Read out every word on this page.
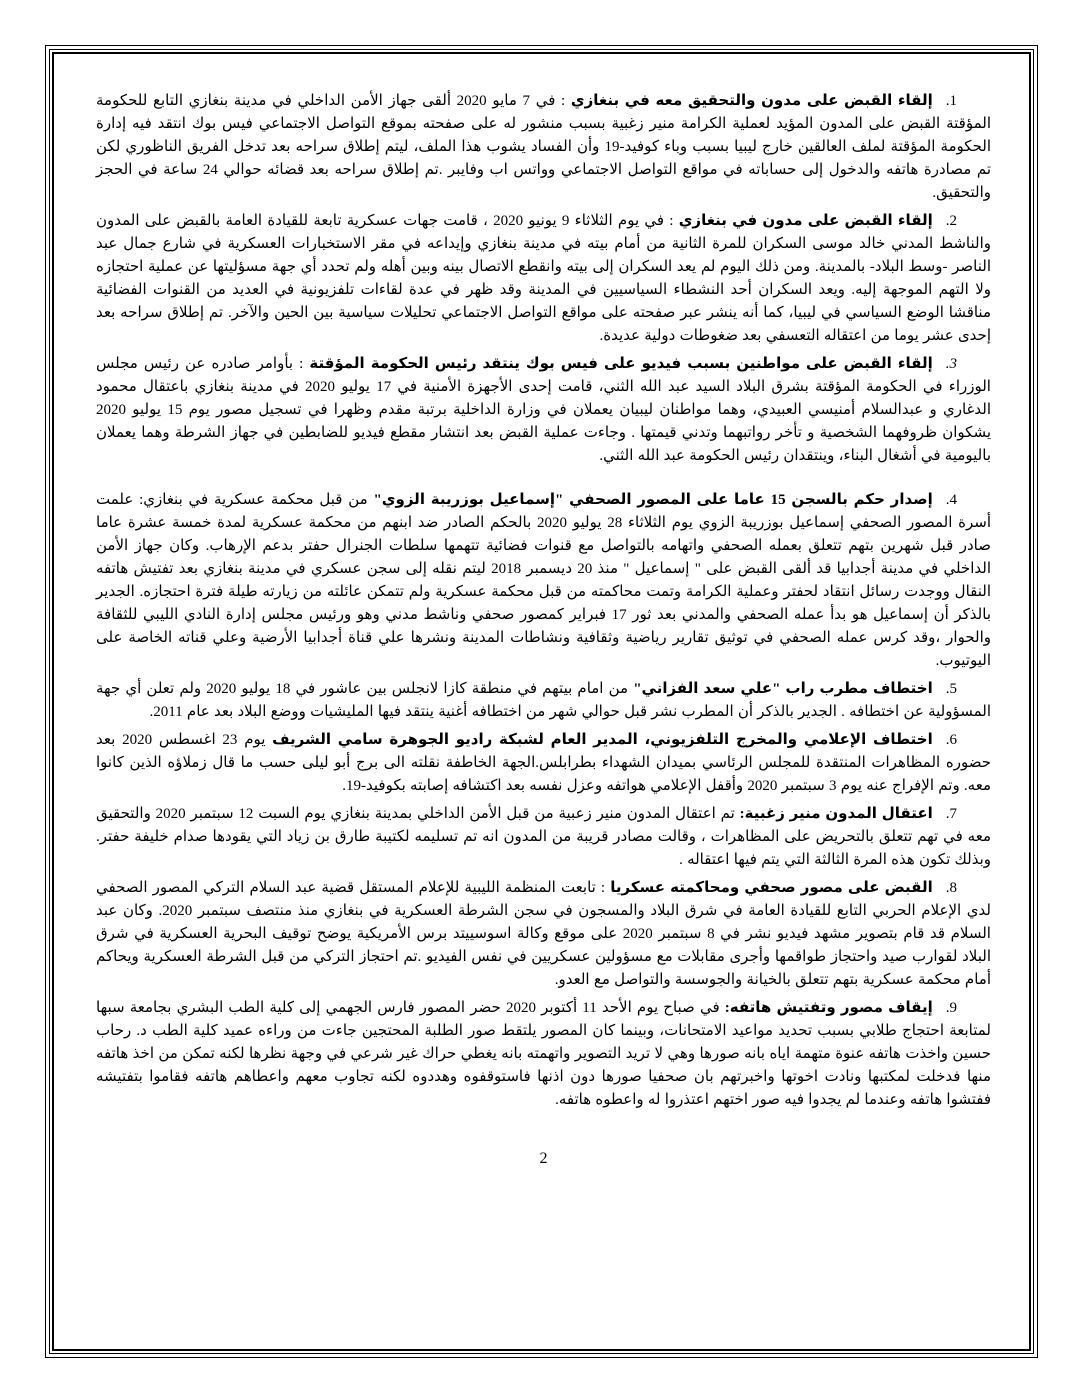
1.إلقاء القبض على مدون والتحقيق معه في بنغازي : في 7 مايو 2020 ألقى جهاز الأمن الداخلي في مدينة بنغازي التابع للحكومة المؤقتة القبض على المدون المؤيد لعملية الكرامة منير زغبية بسبب منشور له على صفحته بموقع التواصل الاجتماعي فيس بوك انتقد فيه إدارة الحكومة المؤقتة لملف العالقين خارج ليبيا بسبب وباء كوفيد-19 وأن الفساد يشوب هذا الملف، ليتم إطلاق سراحه بعد تدخل الفريق الناظوري لكن تم مصادرة هاتفه والدخول إلى حساباته في مواقع التواصل الاجتماعي وواتس اب وفايبر .تم إطلاق سراحه بعد قضائه حوالي 24 ساعة في الحجز والتحقيق.

2.إلقاء القبض على مدون في بنغازي : في يوم الثلاثاء 9 يونيو 2020 ، قامت جهات عسكرية تابعة للقيادة العامة بالقبض على المدون والناشط المدني خالد موسى السكران للمرة الثانية من أمام بيته في مدينة بنغازي وإيداعه في مقر الاستخبارات العسكرية في شارع جمال عبد الناصر -وسط البلاد- بالمدينة. ومن ذلك اليوم لم يعد السكران إلى بيته وانقطع الاتصال بينه وبين أهله ولم تحدد أي جهة مسؤليتها عن عملية احتجازه ولا التهم الموجهة إليه. ويعد السكران أحد النشطاء السياسيين في المدينة وقد ظهر في عدة لقاءات تلفزيونية في العديد من القنوات الفضائية مناقشا الوضع السياسي في ليبيا، كما أنه ينشر عبر صفحته على مواقع التواصل الاجتماعي تحليلات سياسية بين الحين والآخر. تم إطلاق سراحه بعد إحدى عشر يوما من اعتقاله التعسفي بعد ضغوطات دولية عديدة.

3.إلقاء القبض على مواطنين بسبب فيديو على فيس بوك ينتقد رئيس الحكومة المؤقتة : بأوامر صادره عن رئيس مجلس الوزراء في الحكومة المؤقتة بشرق البلاد السيد عبد الله الثني، قامت إحدى الأجهزة الأمنية في 17 يوليو 2020 في مدينة بنغازي باعتقال محمود الدغاري و عبدالسلام أمنيسي العبيدي، وهما مواطنان ليبيان يعملان في وزارة الداخلية برتبة مقدم وظهرا في تسجيل مصور يوم 15 يوليو 2020 يشكوان ظروفهما الشخصية و تأخر رواتبهما وتدني قيمتها . وجاءت عملية القبض بعد انتشار مقطع فيديو للضابطين في جهاز الشرطة وهما يعملان باليومية في أشغال البناء، وينتقدان رئيس الحكومة عبد الله الثني.

4.إصدار حكم بالسجن 15 عاما على المصور الصحفي "إسماعيل بوزريبة الزوي" من قبل محكمة عسكرية في بنغازي: علمت أسرة المصور الصحفي إسماعيل بوزريبة الزوي يوم الثلاثاء 28 يوليو 2020 بالحكم الصادر ضد ابنهم من محكمة عسكرية لمدة خمسة عشرة عاما صادر قبل شهرين بتهم تتعلق بعمله الصحفي واتهامه بالتواصل مع قنوات فضائية تتهمها سلطات الجنرال حفتر بدعم الإرهاب. وكان جهاز الأمن الداخلي في مدينة أجدابيا قد ألقى القبض على " إسماعيل " منذ 20 ديسمبر 2018 ليتم نقله إلى سجن عسكري في مدينة بنغازي بعد تفتيش هاتفه النقال ووجدت رسائل انتقاد لحفتر وعملية الكرامة وتمت محاكمته من قبل محكمة عسكرية ولم تتمكن عائلته من زيارته طيلة فترة احتجازه. الجدير بالذكر أن إسماعيل هو بدأ عمله الصحفي والمدني بعد ثور 17 فبراير كمصور صحفي وناشط مدني وهو ورئيس مجلس إدارة النادي الليبي للثقافة والحوار ،وقد كرس عمله الصحفي في توثيق تقارير رياضية وثقافية ونشاطات المدينة ونشرها علي قناة أجدابيا الأرضية وعلي قناته الخاصة على اليوتيوب.

5.اختطاف مطرب راب "علي سعد الفزاني" من امام بيتهم في منطقة كازا لانجلس بين عاشور في 18 يوليو 2020 ولم تعلن أي جهة المسؤولية عن اختطافه . الجدير بالذكر أن المطرب نشر قبل حوالي شهر من اختطافه أغنية ينتقد فيها المليشيات ووضع البلاد بعد عام 2011.

6.اختطاف الإعلامي والمخرج التلفزيوني، المدير العام لشبكة راديو الجوهرة سامي الشريف يوم 23 اغسطس 2020 بعد حضوره المظاهرات المنتقدة للمجلس الرئاسي بميدان الشهداء بطرابلس.الجهة الخاطفة نقلته الى برج أبو ليلى حسب ما قال زملاؤه الذين كانوا معه. وتم الإفراج عنه يوم 3 سبتمبر 2020 وأقفل الإعلامي هواتفه وعزل نفسه بعد اكتشافه إصابته بكوفيد-19.

7.اعتقال المدون منير زغبية: تم اعتقال المدون منير زعبية من قبل الأمن الداخلي بمدينة بنغازي يوم السبت 12 سبتمبر 2020 والتحقيق معه في تهم تتعلق بالتحريض على المظاهرات ، وقالت مصادر قريبة من المدون انه تم تسليمه لكتيبة طارق بن زياد التي يقودها صدام خليفة حفتر. وبذلك تكون هذه المرة الثالثة التي يتم فيها اعتقاله .

8.القبض على مصور صحفي ومحاكمته عسكريا : تابعت المنظمة الليبية للإعلام المستقل قضية عبد السلام التركي المصور الصحفي لدي الإعلام الحربي التابع للقيادة العامة في شرق البلاد والمسجون في سجن الشرطة العسكرية في بنغازي منذ منتصف سبتمبر 2020. وكان عبد السلام قد قام بتصوير مشهد فيديو نشر في 8 سبتمبر 2020 على موقع وكالة اسوسييتد برس الأمريكية يوضح توقيف البحرية العسكرية في شرق البلاد لقوارب صيد واحتجاز طواقمها وأجرى مقابلات مع مسؤولين عسكريين في نفس الفيديو .تم احتجاز التركي من قبل الشرطة العسكرية ويحاكم أمام محكمة عسكرية بتهم تتعلق بالخيانة والجوسسة والتواصل مع العدو.

9.إيقاف مصور وتفتيش هاتفه: في صباح يوم الأحد 11 أكتوبر 2020 حضر المصور فارس الجهمي إلى كلية الطب البشري بجامعة سبها لمتابعة احتجاج طلابي بسبب تحديد مواعيد الامتحانات، وبينما كان المصور يلتقط صور الطلبة المحتجين جاءت من وراءه عميد كلية الطب د. رحاب حسين واخذت هاتفه عنوة متهمة اياه بانه صورها وهي لا تريد التصوير واتهمته بانه يغطي حراك غير شرعي في وجهة نظرها لكنه تمكن من اخذ هاتفه منها فدخلت لمكتبها ونادت اخوتها واخبرتهم بان صحفيا صورها دون اذنها فاستوقفوه وهددوه لكنه تجاوب معهم واعطاهم هاتفه فقاموا بتفتيشه ففتشوا هاتفه وعندما لم يجدوا فيه صور اختهم اعتذروا له واعطوه هاتفه.

2
